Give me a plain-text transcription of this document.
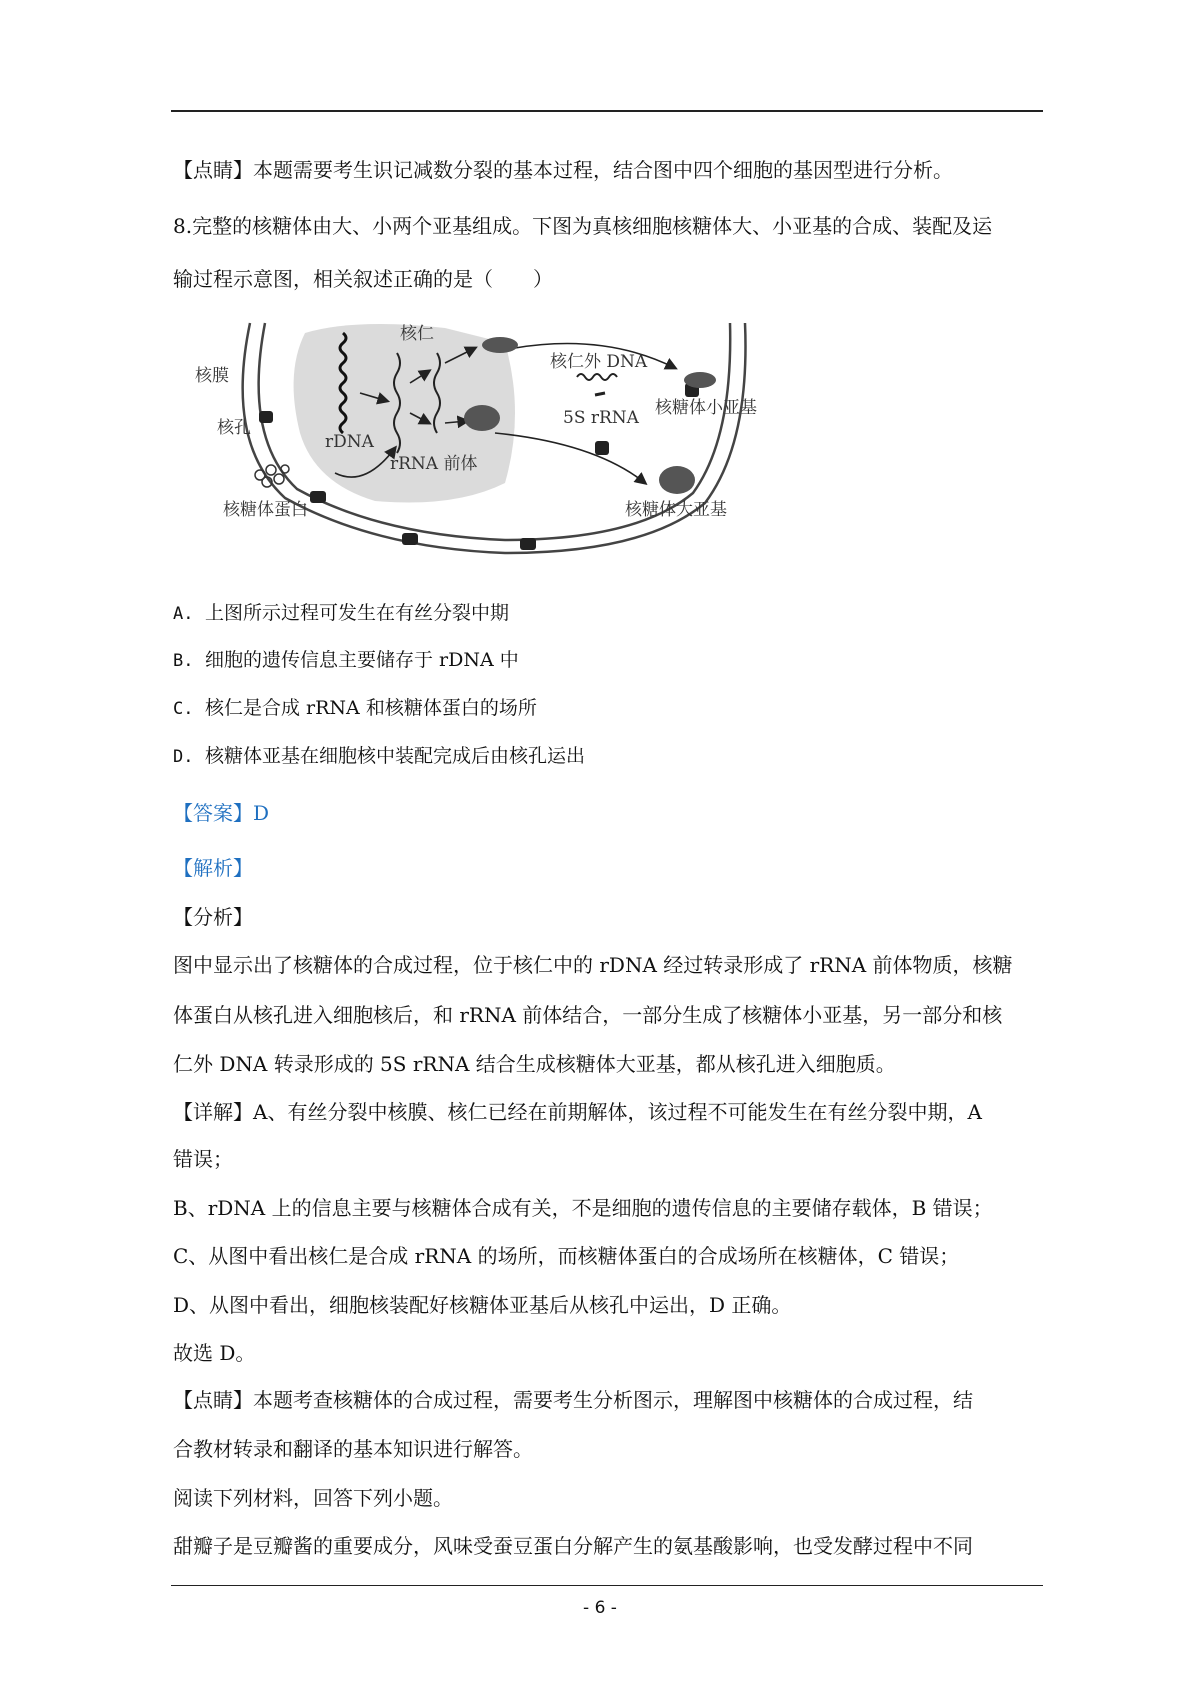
【点睛】本题需要考生识记减数分裂的基本过程，结合图中四个细胞的基因型进行分析。
8.完整的核糖体由大、小两个亚基组成。下图为真核细胞核糖体大、小亚基的合成、装配及运
输过程示意图，相关叙述正确的是（　　）
核仁
核膜
核孔
rDNA
rRNA 前体
核糖体蛋白
核仁外 DNA
5S rRNA 核糖体小亚基
核糖体大亚基
A. 上图所示过程可发生在有丝分裂中期
B. 细胞的遗传信息主要储存于 rDNA 中
C. 核仁是合成 rRNA 和核糖体蛋白的场所
D. 核糖体亚基在细胞核中装配完成后由核孔运出
【答案】D
【解析】
【分析】
图中显示出了核糖体的合成过程，位于核仁中的 rDNA 经过转录形成了 rRNA 前体物质，核糖
体蛋白从核孔进入细胞核后，和 rRNA 前体结合，一部分生成了核糖体小亚基，另一部分和核
仁外 DNA 转录形成的 5S rRNA 结合生成核糖体大亚基，都从核孔进入细胞质。
【详解】A、有丝分裂中核膜、核仁已经在前期解体，该过程不可能发生在有丝分裂中期，A
错误；
B、rDNA 上的信息主要与核糖体合成有关，不是细胞的遗传信息的主要储存载体，B 错误；
C、从图中看出核仁是合成 rRNA 的场所，而核糖体蛋白的合成场所在核糖体，C 错误；
D、从图中看出，细胞核装配好核糖体亚基后从核孔中运出，D 正确。
故选 D。
【点睛】本题考查核糖体的合成过程，需要考生分析图示，理解图中核糖体的合成过程，结
合教材转录和翻译的基本知识进行解答。
阅读下列材料，回答下列小题。
甜瓣子是豆瓣酱的重要成分，风味受蚕豆蛋白分解产生的氨基酸影响，也受发酵过程中不同
- 6 -
